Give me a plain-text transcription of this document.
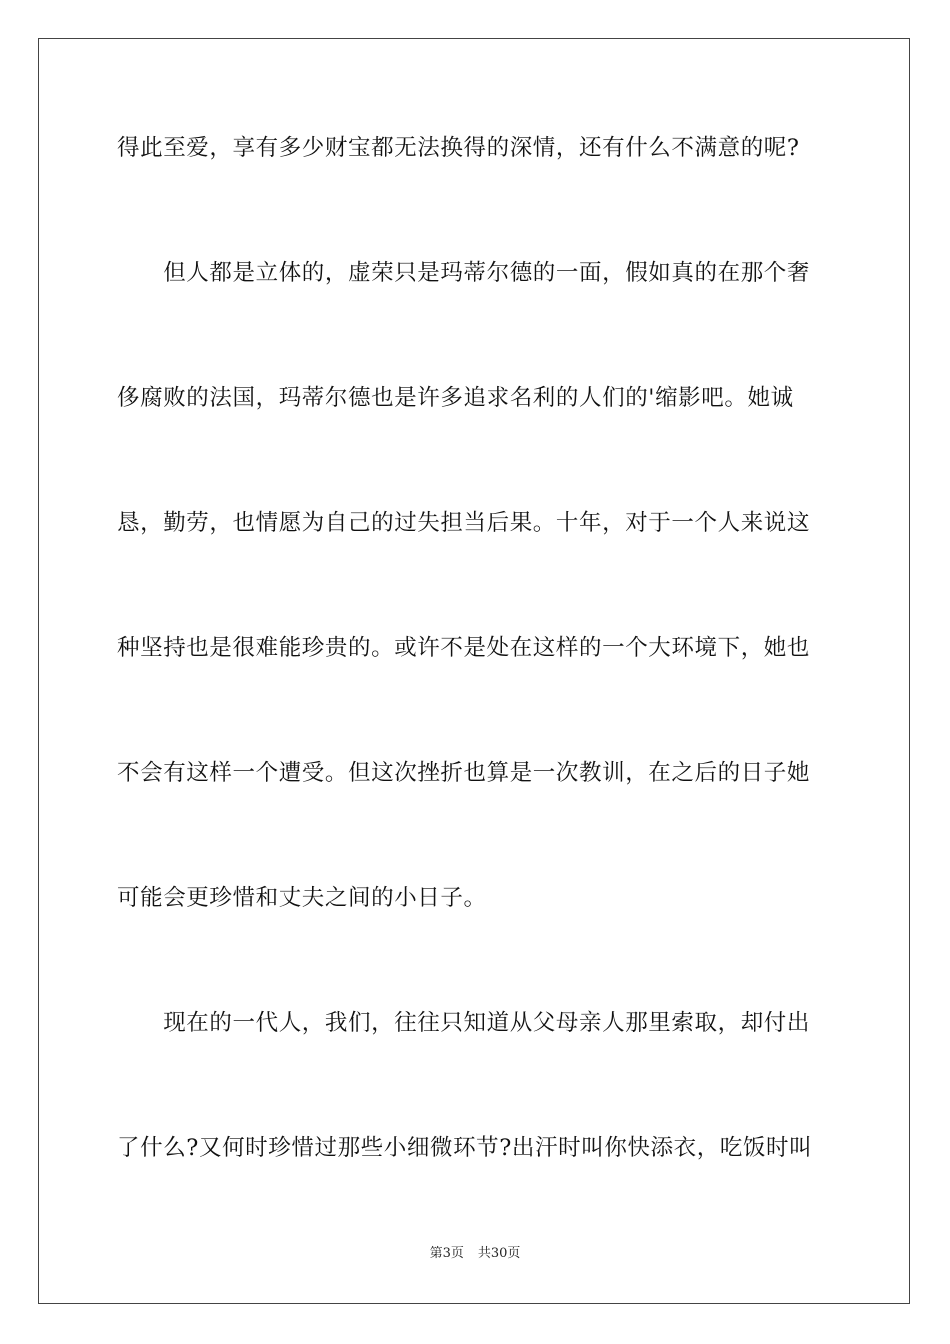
得此至爱，享有多少财宝都无法换得的深情，还有什么不满意的呢?
　　但人都是立体的，虚荣只是玛蒂尔德的一面，假如真的在那个奢
侈腐败的法国，玛蒂尔德也是许多追求名利的人们的'缩影吧。她诚
恳，勤劳，也情愿为自己的过失担当后果。十年，对于一个人来说这
种坚持也是很难能珍贵的。或许不是处在这样的一个大环境下，她也
不会有这样一个遭受。但这次挫折也算是一次教训，在之后的日子她
可能会更珍惜和丈夫之间的小日子。
　　现在的一代人，我们，往往只知道从父母亲人那里索取，却付出
了什么?又何时珍惜过那些小细微环节?出汗时叫你快添衣，吃饭时叫
第3页 共30页
